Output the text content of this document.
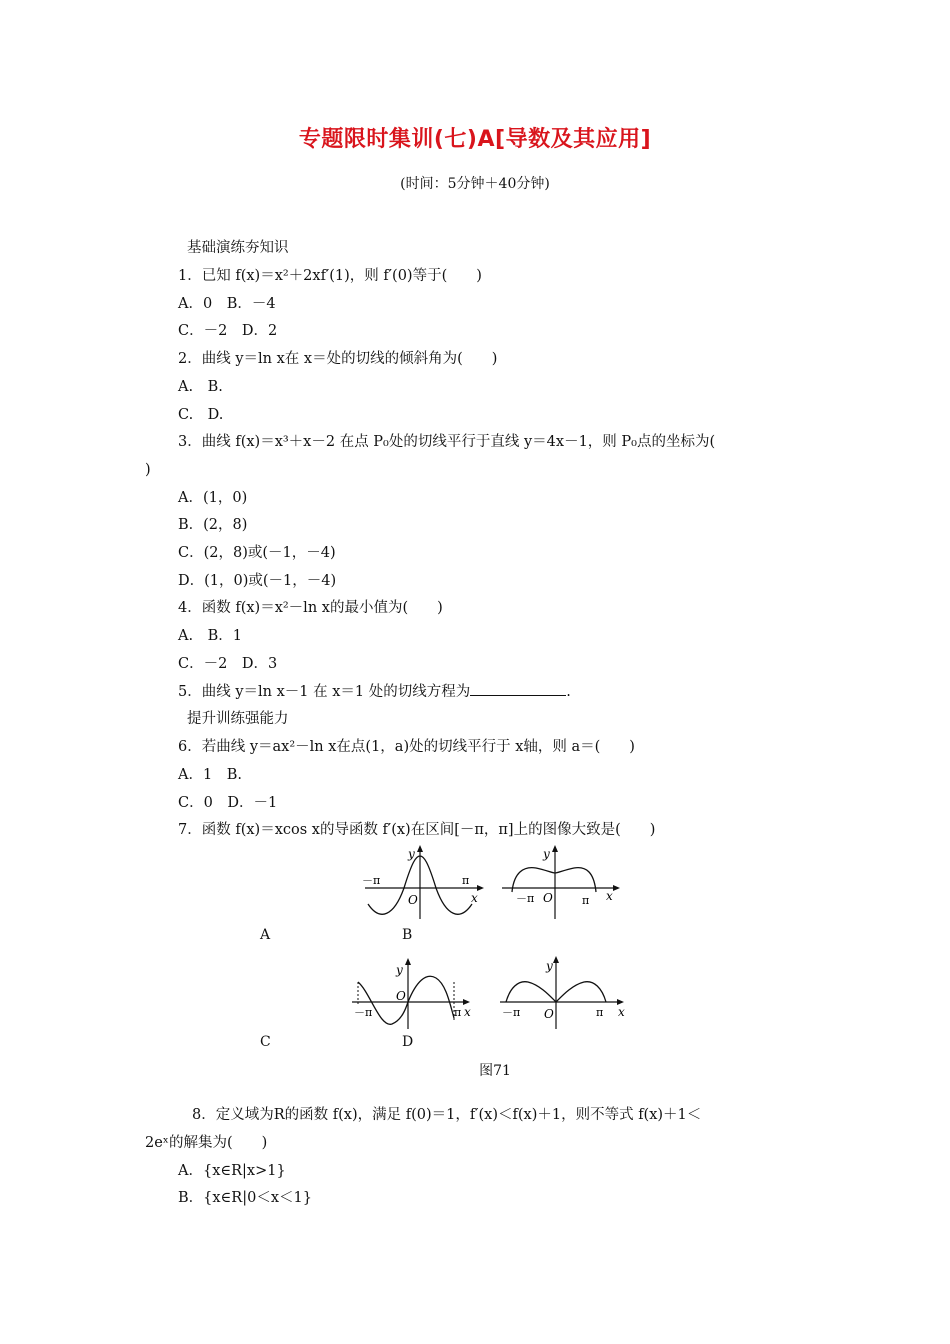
专题限时集训(七)A[导数及其应用]
(时间：5分钟＋40分钟)
基础演练夯知识
1．已知 f(x)＝x²＋2xf′(1)，则 f′(0)等于(　　)
A．0　B．－4
C．－2　D．2
2．曲线 y＝ln x在 x＝处的切线的倾斜角为(　　)
A.　B.
C.　D.
3．曲线 f(x)＝x³＋x－2 在点 P₀处的切线平行于直线 y＝4x－1，则 P₀点的坐标为(
)
A．(1，0)
B．(2，8)
C．(2，8)或(－1，－4)
D．(1，0)或(－1，－4)
4．函数 f(x)＝x²－ln x的最小值为(　　)
A.　B．1
C．－2　D．3
5．曲线 y＝ln x－1 在 x＝1 处的切线方程为	.
提升训练强能力
6．若曲线 y＝ax²－ln x在点(1，a)处的切线平行于 x轴，则 a＝(　　)
A．1　B.
C．0　D．－1
7．函数 f(x)＝xcos x的导函数 f′(x)在区间[－π，π]上的图像大致是(　　)
y
－π	π
O	x
y
－π	π
O	x
A	B
y
－π	π
O
x
y
－π	π
O	x
C	D
图71
8．定义域为R的函数 f(x)，满足 f(0)＝1，f′(x)＜f(x)＋1，则不等式 f(x)＋1＜
2eˣ的解集为(　　)
A．{x∈R|x>1}
B．{x∈R|0＜x＜1}
